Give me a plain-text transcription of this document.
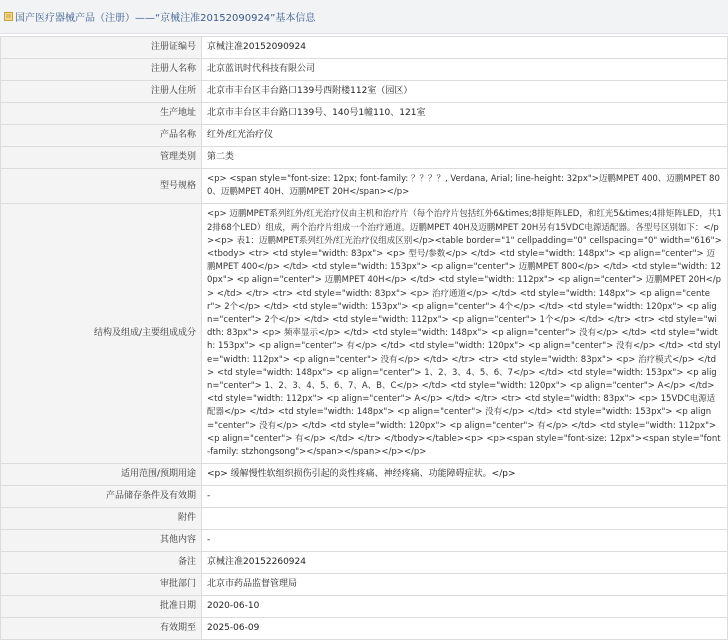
国产医疗器械产品（注册）——“京械注准20152090924”基本信息
注册证编号	京械注准20152090924
注册人名称	北京蓝讯时代科技有限公司
注册人住所	北京市丰台区丰台路口139号西附楼112室（园区）
生产地址	北京市丰台区丰台路口139号、140号1幢110、121室
产品名称	红外/红光治疗仪
管理类别	第二类
型号规格	<p> <span style="font-size: 12px; font-family: ？？？？, Verdana, Arial; line-height: 32px">迈鹏MPET 400、迈鹏MPET 800、迈鹏MPET 40H、迈鹏MPET 20H</span></p>
结构及组成/主要组成成分	<p> 迈鹏MPET系列红外/红光治疗仪由主机和治疗片（每个治疗片包括红外6&times;8排矩阵LED，和红光5&times;4排矩阵LED，共12排68个LED）组成，两个治疗片组成一个治疗通道。迈鹏MPET 40H及迈鹏MPET 20H另有15VDC电源适配器。各型号区别如下：</p><p> 表1：迈鹏MPET系列红外/红光治疗仪组成区别</p><table border="1" cellpadding="0" cellspacing="0" width="616"> <tbody> <tr> <td style="width: 83px"> <p> 型号/参数</p> </td> <td style="width: 148px"> <p align="center"> 迈鹏MPET 400</p> </td> <td style="width: 153px"> <p align="center"> 迈鹏MPET 800</p> </td> <td style="width: 120px"> <p align="center"> 迈鹏MPET 40H</p> </td> <td style="width: 112px"> <p align="center"> 迈鹏MPET 20H</p> </td> </tr> <tr> <td style="width: 83px"> <p> 治疗通道</p> </td> <td style="width: 148px"> <p align="center"> 2个</p> </td> <td style="width: 153px"> <p align="center"> 4个</p> </td> <td style="width: 120px"> <p align="center"> 2个</p> </td> <td style="width: 112px"> <p align="center"> 1个</p> </td> </tr> <tr> <td style="width: 83px"> <p> 频率显示</p> </td> <td style="width: 148px"> <p align="center"> 没有</p> </td> <td style="width: 153px"> <p align="center"> 有</p> </td> <td style="width: 120px"> <p align="center"> 没有</p> </td> <td style="width: 112px"> <p align="center"> 没有</p> </td> </tr> <tr> <td style="width: 83px"> <p> 治疗模式</p> </td> <td style="width: 148px"> <p align="center"> 1、2、3、4、5、6、7</p> </td> <td style="width: 153px"> <p align="center"> 1、2、3、4、5、6、7、A、B、C</p> </td> <td style="width: 120px"> <p align="center"> A</p> </td> <td style="width: 112px"> <p align="center"> A</p> </td> </tr> <tr> <td style="width: 83px"> <p> 15VDC电源适配器</p> </td> <td style="width: 148px"> <p align="center"> 没有</p> </td> <td style="width: 153px"> <p align="center"> 没有</p> </td> <td style="width: 120px"> <p align="center"> 有</p> </td> <td style="width: 112px"> <p align="center"> 有</p> </td> </tr> </tbody></table><p> <p><span style="font-size: 12px"><span style="font-family: stzhongsong"></span></span></p></p>
适用范围/预期用途	<p> 缓解慢性软组织损伤引起的炎性疼痛、神经疼痛、功能障碍症状。</p>
产品储存条件及有效期	-
附件	
其他内容	-
备注	京械注准20152260924
审批部门	北京市药品监督管理局
批准日期	2020-06-10
有效期至	2025-06-09
